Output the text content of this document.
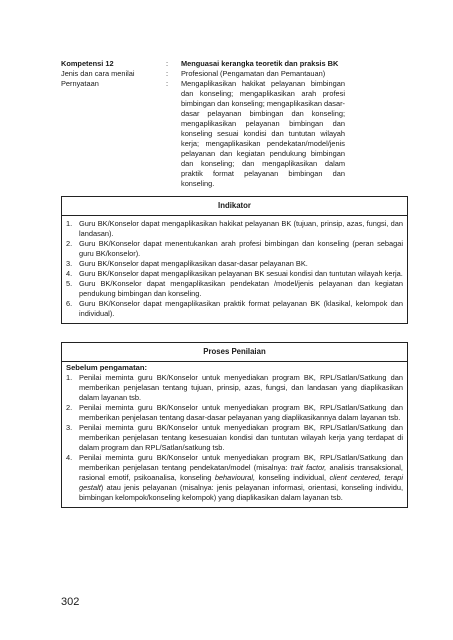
Kompetensi 12	:	Menguasai kerangka teoretik dan praksis BK
Jenis dan cara menilai	:	Profesional (Pengamatan dan Pemantauan)
Pernyataan	:	Mengaplikasikan hakikat pelayanan bimbingan dan konseling; mengaplikasikan arah profesi bimbingan dan konseling; mengaplikasikan dasar-dasar pelayanan bimbingan dan konseling; mengaplikasikan pelayanan bimbingan dan konseling sesuai kondisi dan tuntutan wilayah kerja; mengaplikasikan pendekatan/model/jenis pelayanan dan kegiatan pendukung bimbingan dan konseling; dan mengaplikasikan dalam praktik format pelayanan bimbingan dan konseling.
Indikator
1. Guru BK/Konselor dapat mengaplikasikan hakikat pelayanan BK (tujuan, prinsip, azas, fungsi, dan landasan).
2. Guru BK/Konselor dapat menentukankan arah profesi bimbingan dan konseling (peran sebagai guru BK/konselor).
3. Guru BK/Konselor dapat mengaplikasikan dasar-dasar pelayanan BK.
4. Guru BK/Konselor dapat mengaplikasikan pelayanan BK sesuai kondisi dan tuntutan wilayah kerja.
5. Guru BK/Konselor dapat mengaplikasikan pendekatan /model/jenis pelayanan dan kegiatan pendukung bimbingan dan konseling.
6. Guru BK/Konselor dapat mengaplikasikan praktik format pelayanan BK (klasikal, kelompok dan individual).
Proses Penilaian
Sebelum pengamatan:
1. Penilai meminta guru BK/Konselor untuk menyediakan program BK, RPL/Satlan/Satkung dan memberikan penjelasan tentang tujuan, prinsip, azas, fungsi, dan landasan yang diaplikasikan dalam layanan tsb.
2. Penilai meminta guru BK/Konselor untuk menyediakan program BK, RPL/Satlan/Satkung dan memberikan penjelasan tentang dasar-dasar pelayanan yang diaplikasikannya dalam layanan tsb.
3. Penilai meminta guru BK/Konselor untuk menyediakan program BK, RPL/Satlan/Satkung dan memberikan penjelasan tentang kesesuaian kondisi dan tuntutan wilayah kerja yang terdapat di dalam program dan RPL/Satlan/satkung tsb.
4. Penilai meminta guru BK/Konselor untuk menyediakan program BK, RPL/Satlan/Satkung dan memberikan penjelasan tentang pendekatan/model (misalnya: trait factor, analisis transaksional, rasional emotif, psikoanalisa, konseling behavioural, konseling individual, client centered, terapi gestalt) atau jenis pelayanan (misalnya: jenis pelayanan informasi, orientasi, konseling individu, bimbingan kelompok/konseling kelompok) yang diaplikasikan dalam layanan tsb.
302
